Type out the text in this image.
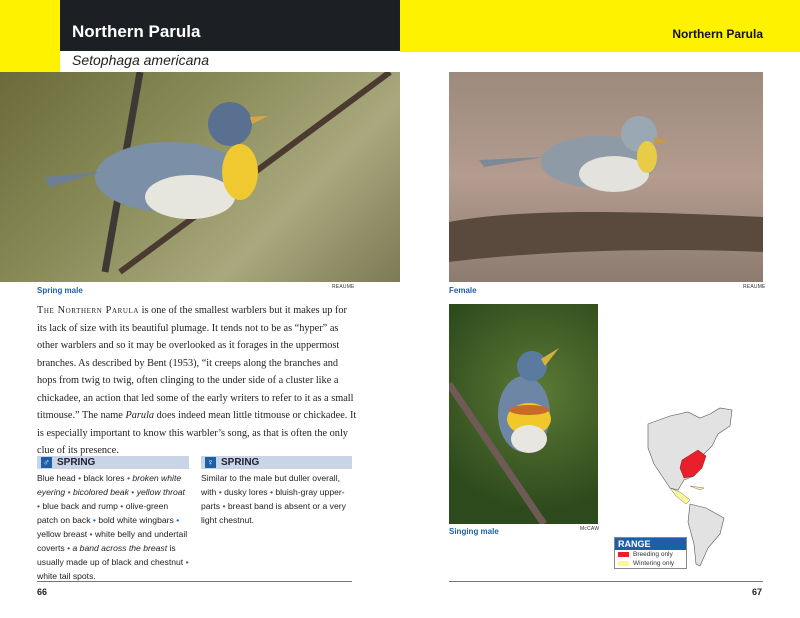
Northern Parula
Setophaga americana
Northern Parula
Spring male	REAUME
The Northern Parula is one of the smallest warblers but it makes up for its lack of size with its beautiful plumage. It tends not to be as “hyper” as other warblers and so it may be overlooked as it forages in the uppermost branches. As described by Bent (1953), “it creeps along the branches and hops from twig to twig, often clinging to the under side of a cluster like a chickadee, an action that led some of the early writers to refer to it as a small titmouse.” The name Parula does indeed mean little titmouse or chickadee. It is especially important to know this warbler’s song, as that is often the only clue of its presence.
♂ SPRING
Blue head • black lores • broken white eyering • bicolored beak • yellow throat • blue back and rump • olive-green patch on back • bold white wingbars • yellow breast • white belly and undertail coverts • a band across the breast is usually made up of black and chestnut • white tail spots.
♀ SPRING
Similar to the male but duller overall, with • dusky lores • bluish-gray upper-parts • breast band is absent or a very light chestnut.
66
Female	REAUME
Singing male	McCAW
RANGE
Breeding only
Wintering only
67
